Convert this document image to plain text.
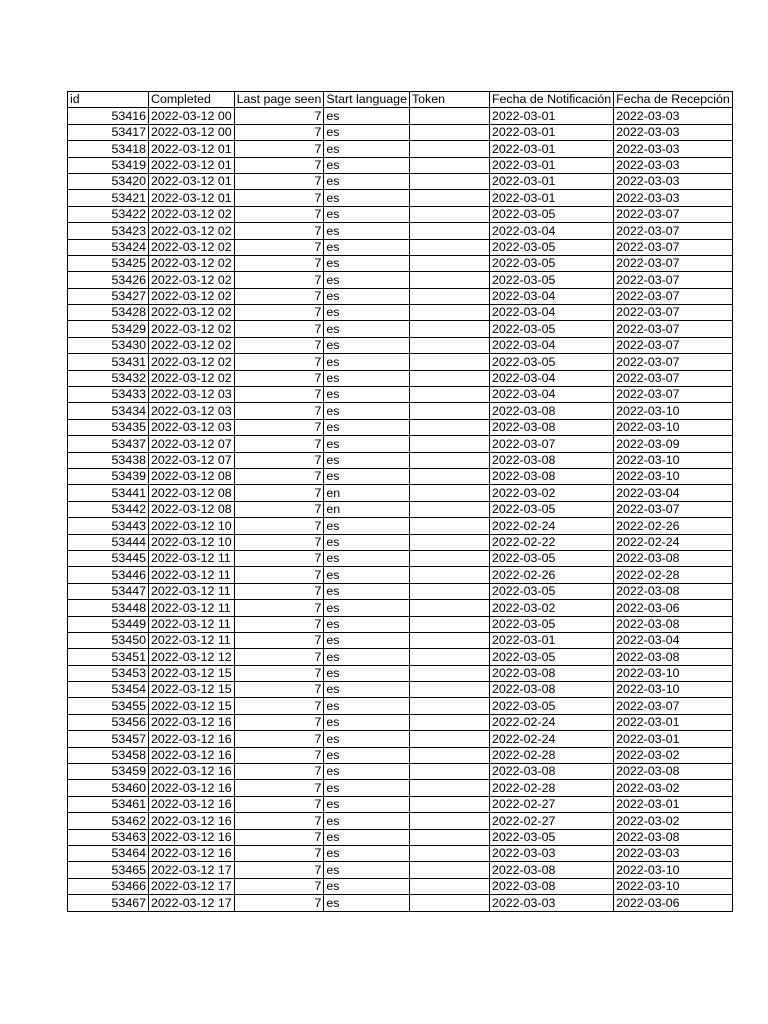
id	Completed	Last page seen	Start language	Token	Fecha de Notificación	Fecha de Recepción
53416	2022-03-12 00	7	es		2022-03-01	2022-03-03
53417	2022-03-12 00	7	es		2022-03-01	2022-03-03
53418	2022-03-12 01	7	es		2022-03-01	2022-03-03
53419	2022-03-12 01	7	es		2022-03-01	2022-03-03
53420	2022-03-12 01	7	es		2022-03-01	2022-03-03
53421	2022-03-12 01	7	es		2022-03-01	2022-03-03
53422	2022-03-12 02	7	es		2022-03-05	2022-03-07
53423	2022-03-12 02	7	es		2022-03-04	2022-03-07
53424	2022-03-12 02	7	es		2022-03-05	2022-03-07
53425	2022-03-12 02	7	es		2022-03-05	2022-03-07
53426	2022-03-12 02	7	es		2022-03-05	2022-03-07
53427	2022-03-12 02	7	es		2022-03-04	2022-03-07
53428	2022-03-12 02	7	es		2022-03-04	2022-03-07
53429	2022-03-12 02	7	es		2022-03-05	2022-03-07
53430	2022-03-12 02	7	es		2022-03-04	2022-03-07
53431	2022-03-12 02	7	es		2022-03-05	2022-03-07
53432	2022-03-12 02	7	es		2022-03-04	2022-03-07
53433	2022-03-12 03	7	es		2022-03-04	2022-03-07
53434	2022-03-12 03	7	es		2022-03-08	2022-03-10
53435	2022-03-12 03	7	es		2022-03-08	2022-03-10
53437	2022-03-12 07	7	es		2022-03-07	2022-03-09
53438	2022-03-12 07	7	es		2022-03-08	2022-03-10
53439	2022-03-12 08	7	es		2022-03-08	2022-03-10
53441	2022-03-12 08	7	en		2022-03-02	2022-03-04
53442	2022-03-12 08	7	en		2022-03-05	2022-03-07
53443	2022-03-12 10	7	es		2022-02-24	2022-02-26
53444	2022-03-12 10	7	es		2022-02-22	2022-02-24
53445	2022-03-12 11	7	es		2022-03-05	2022-03-08
53446	2022-03-12 11	7	es		2022-02-26	2022-02-28
53447	2022-03-12 11	7	es		2022-03-05	2022-03-08
53448	2022-03-12 11	7	es		2022-03-02	2022-03-06
53449	2022-03-12 11	7	es		2022-03-05	2022-03-08
53450	2022-03-12 11	7	es		2022-03-01	2022-03-04
53451	2022-03-12 12	7	es		2022-03-05	2022-03-08
53453	2022-03-12 15	7	es		2022-03-08	2022-03-10
53454	2022-03-12 15	7	es		2022-03-08	2022-03-10
53455	2022-03-12 15	7	es		2022-03-05	2022-03-07
53456	2022-03-12 16	7	es		2022-02-24	2022-03-01
53457	2022-03-12 16	7	es		2022-02-24	2022-03-01
53458	2022-03-12 16	7	es		2022-02-28	2022-03-02
53459	2022-03-12 16	7	es		2022-03-08	2022-03-08
53460	2022-03-12 16	7	es		2022-02-28	2022-03-02
53461	2022-03-12 16	7	es		2022-02-27	2022-03-01
53462	2022-03-12 16	7	es		2022-02-27	2022-03-02
53463	2022-03-12 16	7	es		2022-03-05	2022-03-08
53464	2022-03-12 16	7	es		2022-03-03	2022-03-03
53465	2022-03-12 17	7	es		2022-03-08	2022-03-10
53466	2022-03-12 17	7	es		2022-03-08	2022-03-10
53467	2022-03-12 17	7	es		2022-03-03	2022-03-06
